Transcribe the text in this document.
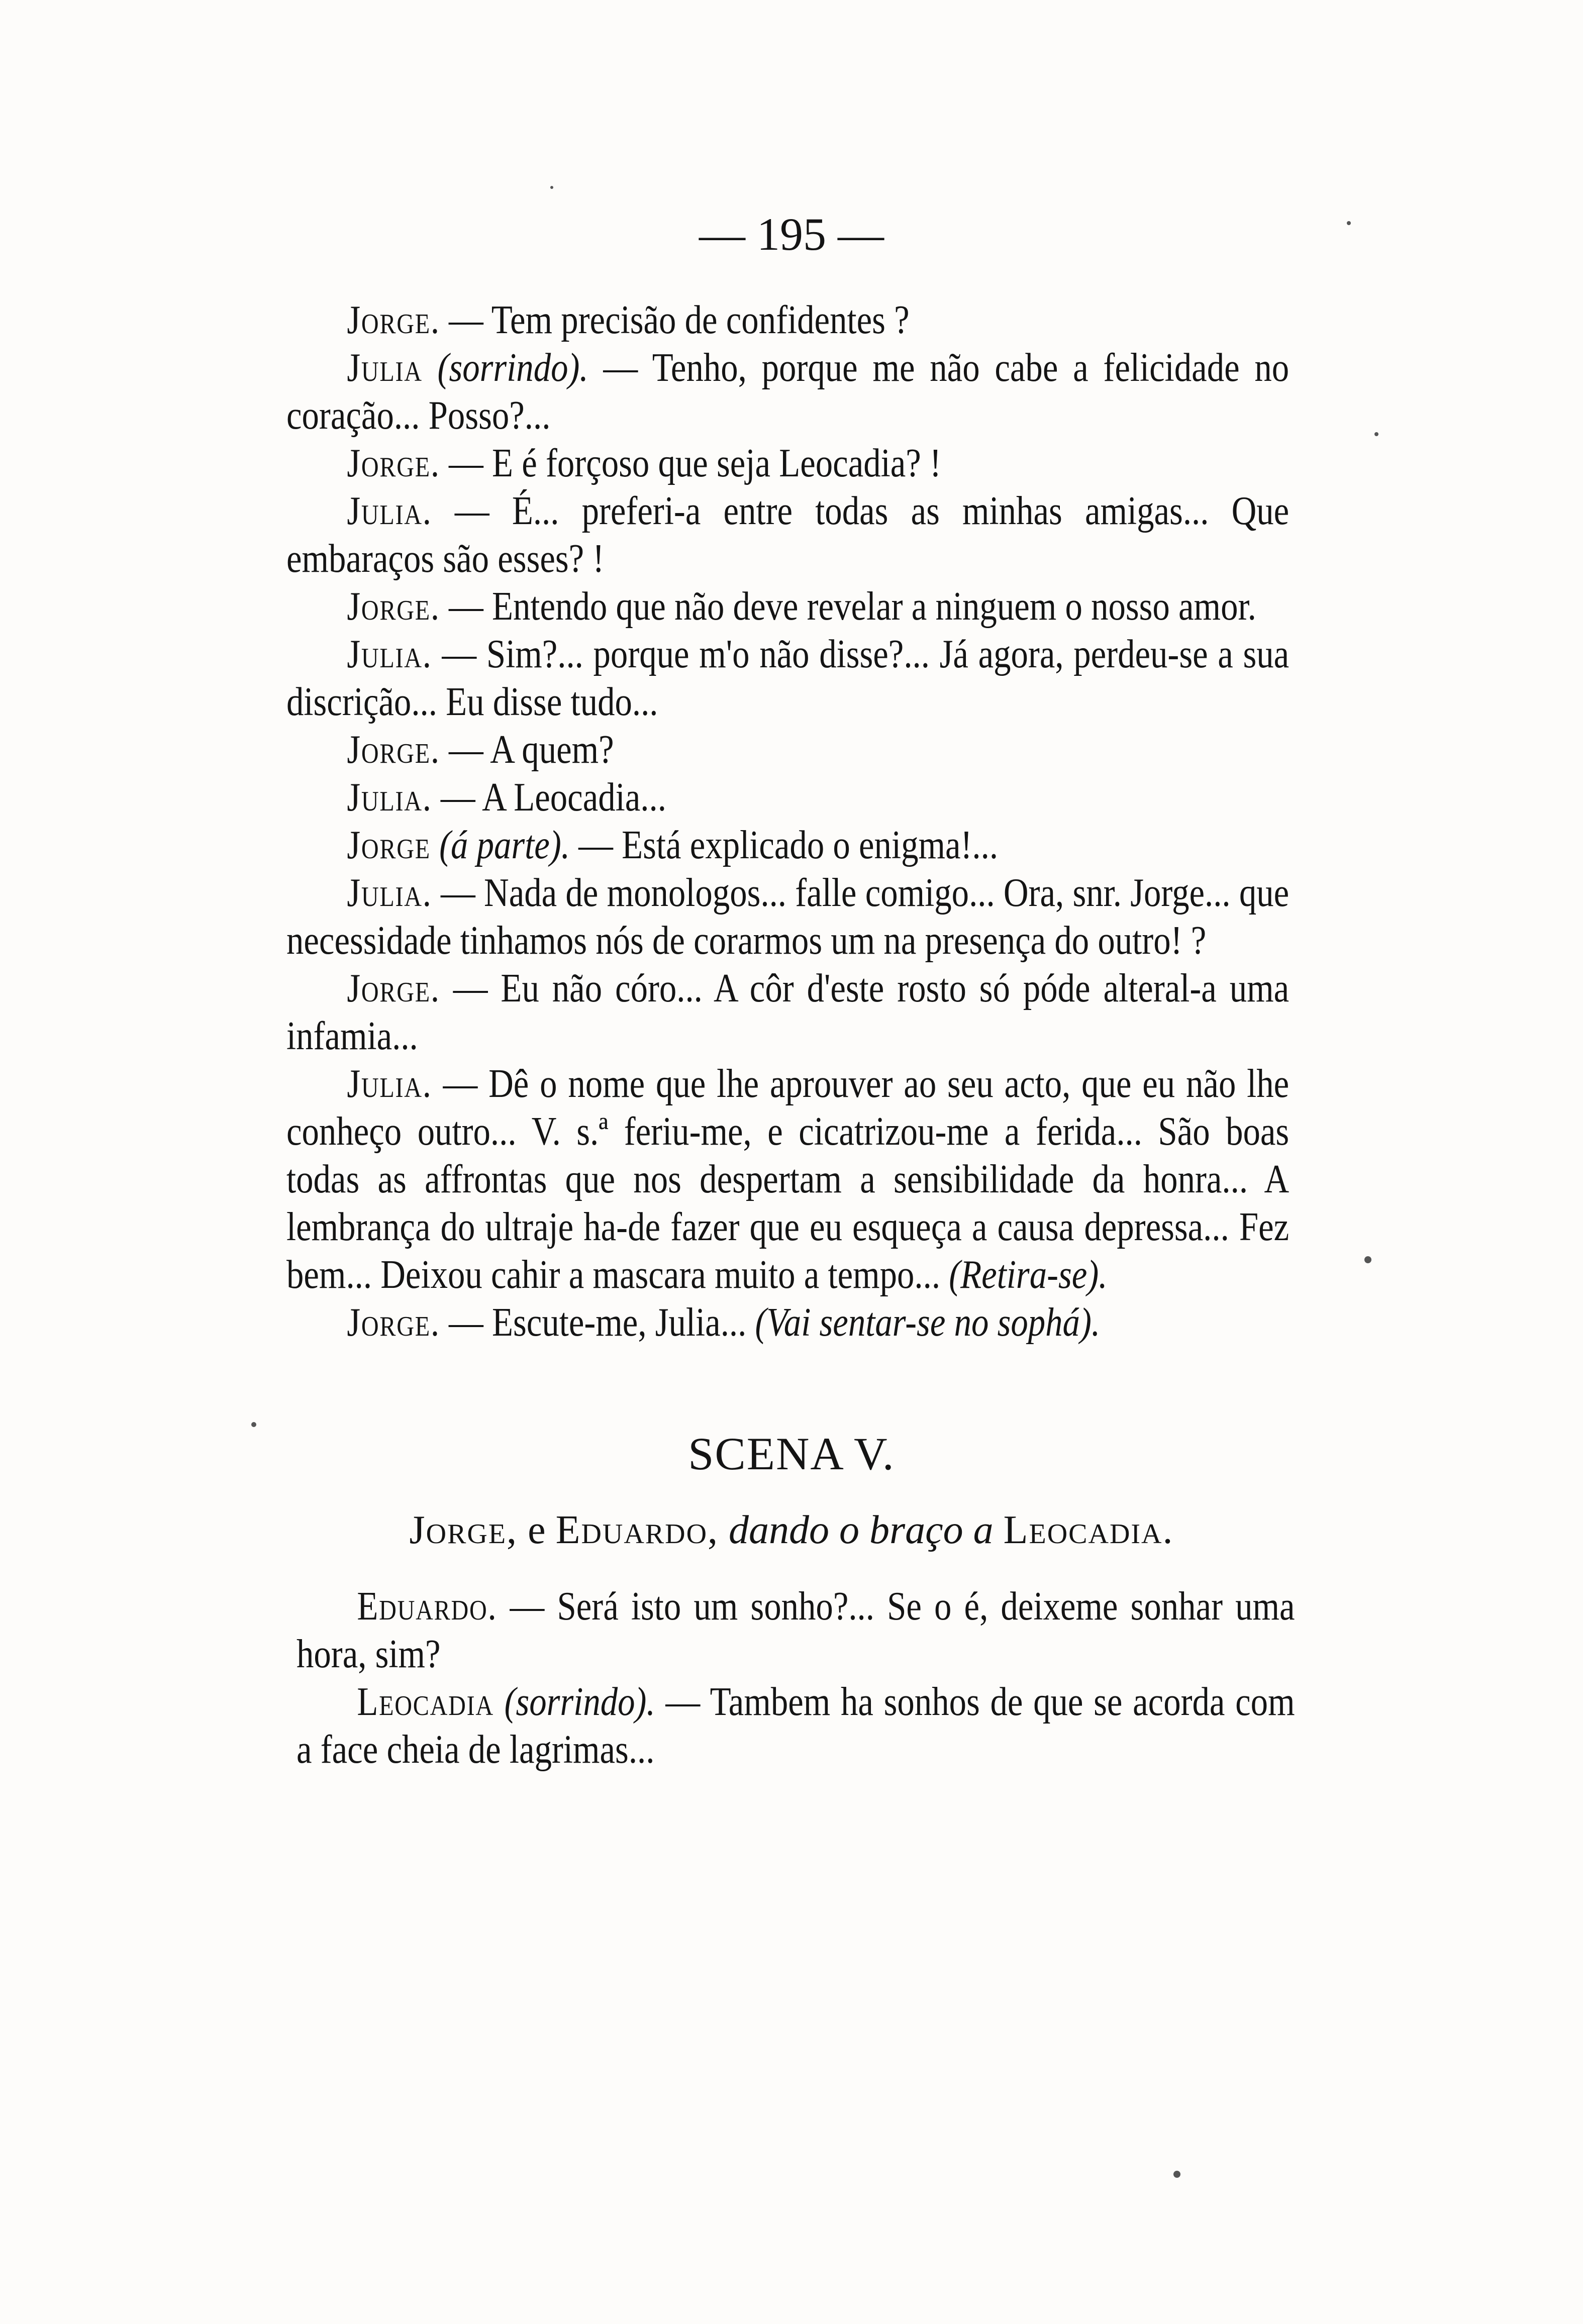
— 195 —

Jorge. — Tem precisão de confidentes ?

Julia (sorrindo). — Tenho, porque me não cabe a felicidade no coração... Posso?...

Jorge. — E é forçoso que seja Leocadia? !

Julia. — É... preferi-a entre todas as minhas amigas... Que embaraços são esses? !

Jorge. — Entendo que não deve revelar a ninguem o nosso amor.

Julia. — Sim?... porque m'o não disse?... Já agora, perdeu-se a sua discrição... Eu disse tudo...

Jorge. — A quem?

Julia. — A Leocadia...

Jorge (á parte). — Está explicado o enigma!...

Julia. — Nada de monologos... falle comigo... Ora, snr. Jorge... que necessidade tinhamos nós de corarmos um na presença do outro! ?

Jorge. — Eu não córo... A côr d'este rosto só póde alteral-a uma infamia...

Julia. — Dê o nome que lhe aprouver ao seu acto, que eu não lhe conheço outro... V. s.ª feriu-me, e cicatrizou-me a ferida... São boas todas as affrontas que nos despertam a sensibilidade da honra... A lembrança do ultraje ha-de fazer que eu esqueça a causa depressa... Fez bem... Deixou cahir a mascara muito a tempo... (Retira-se).

Jorge. — Escute-me, Julia... (Vai sentar-se no sophá).

SCENA V.
Jorge, e Eduardo, dando o braço a Leocadia.

Eduardo. — Será isto um sonho?... Se o é, deixeme sonhar uma hora, sim?

Leocadia (sorrindo). — Tambem ha sonhos de que se acorda com a face cheia de lagrimas...
